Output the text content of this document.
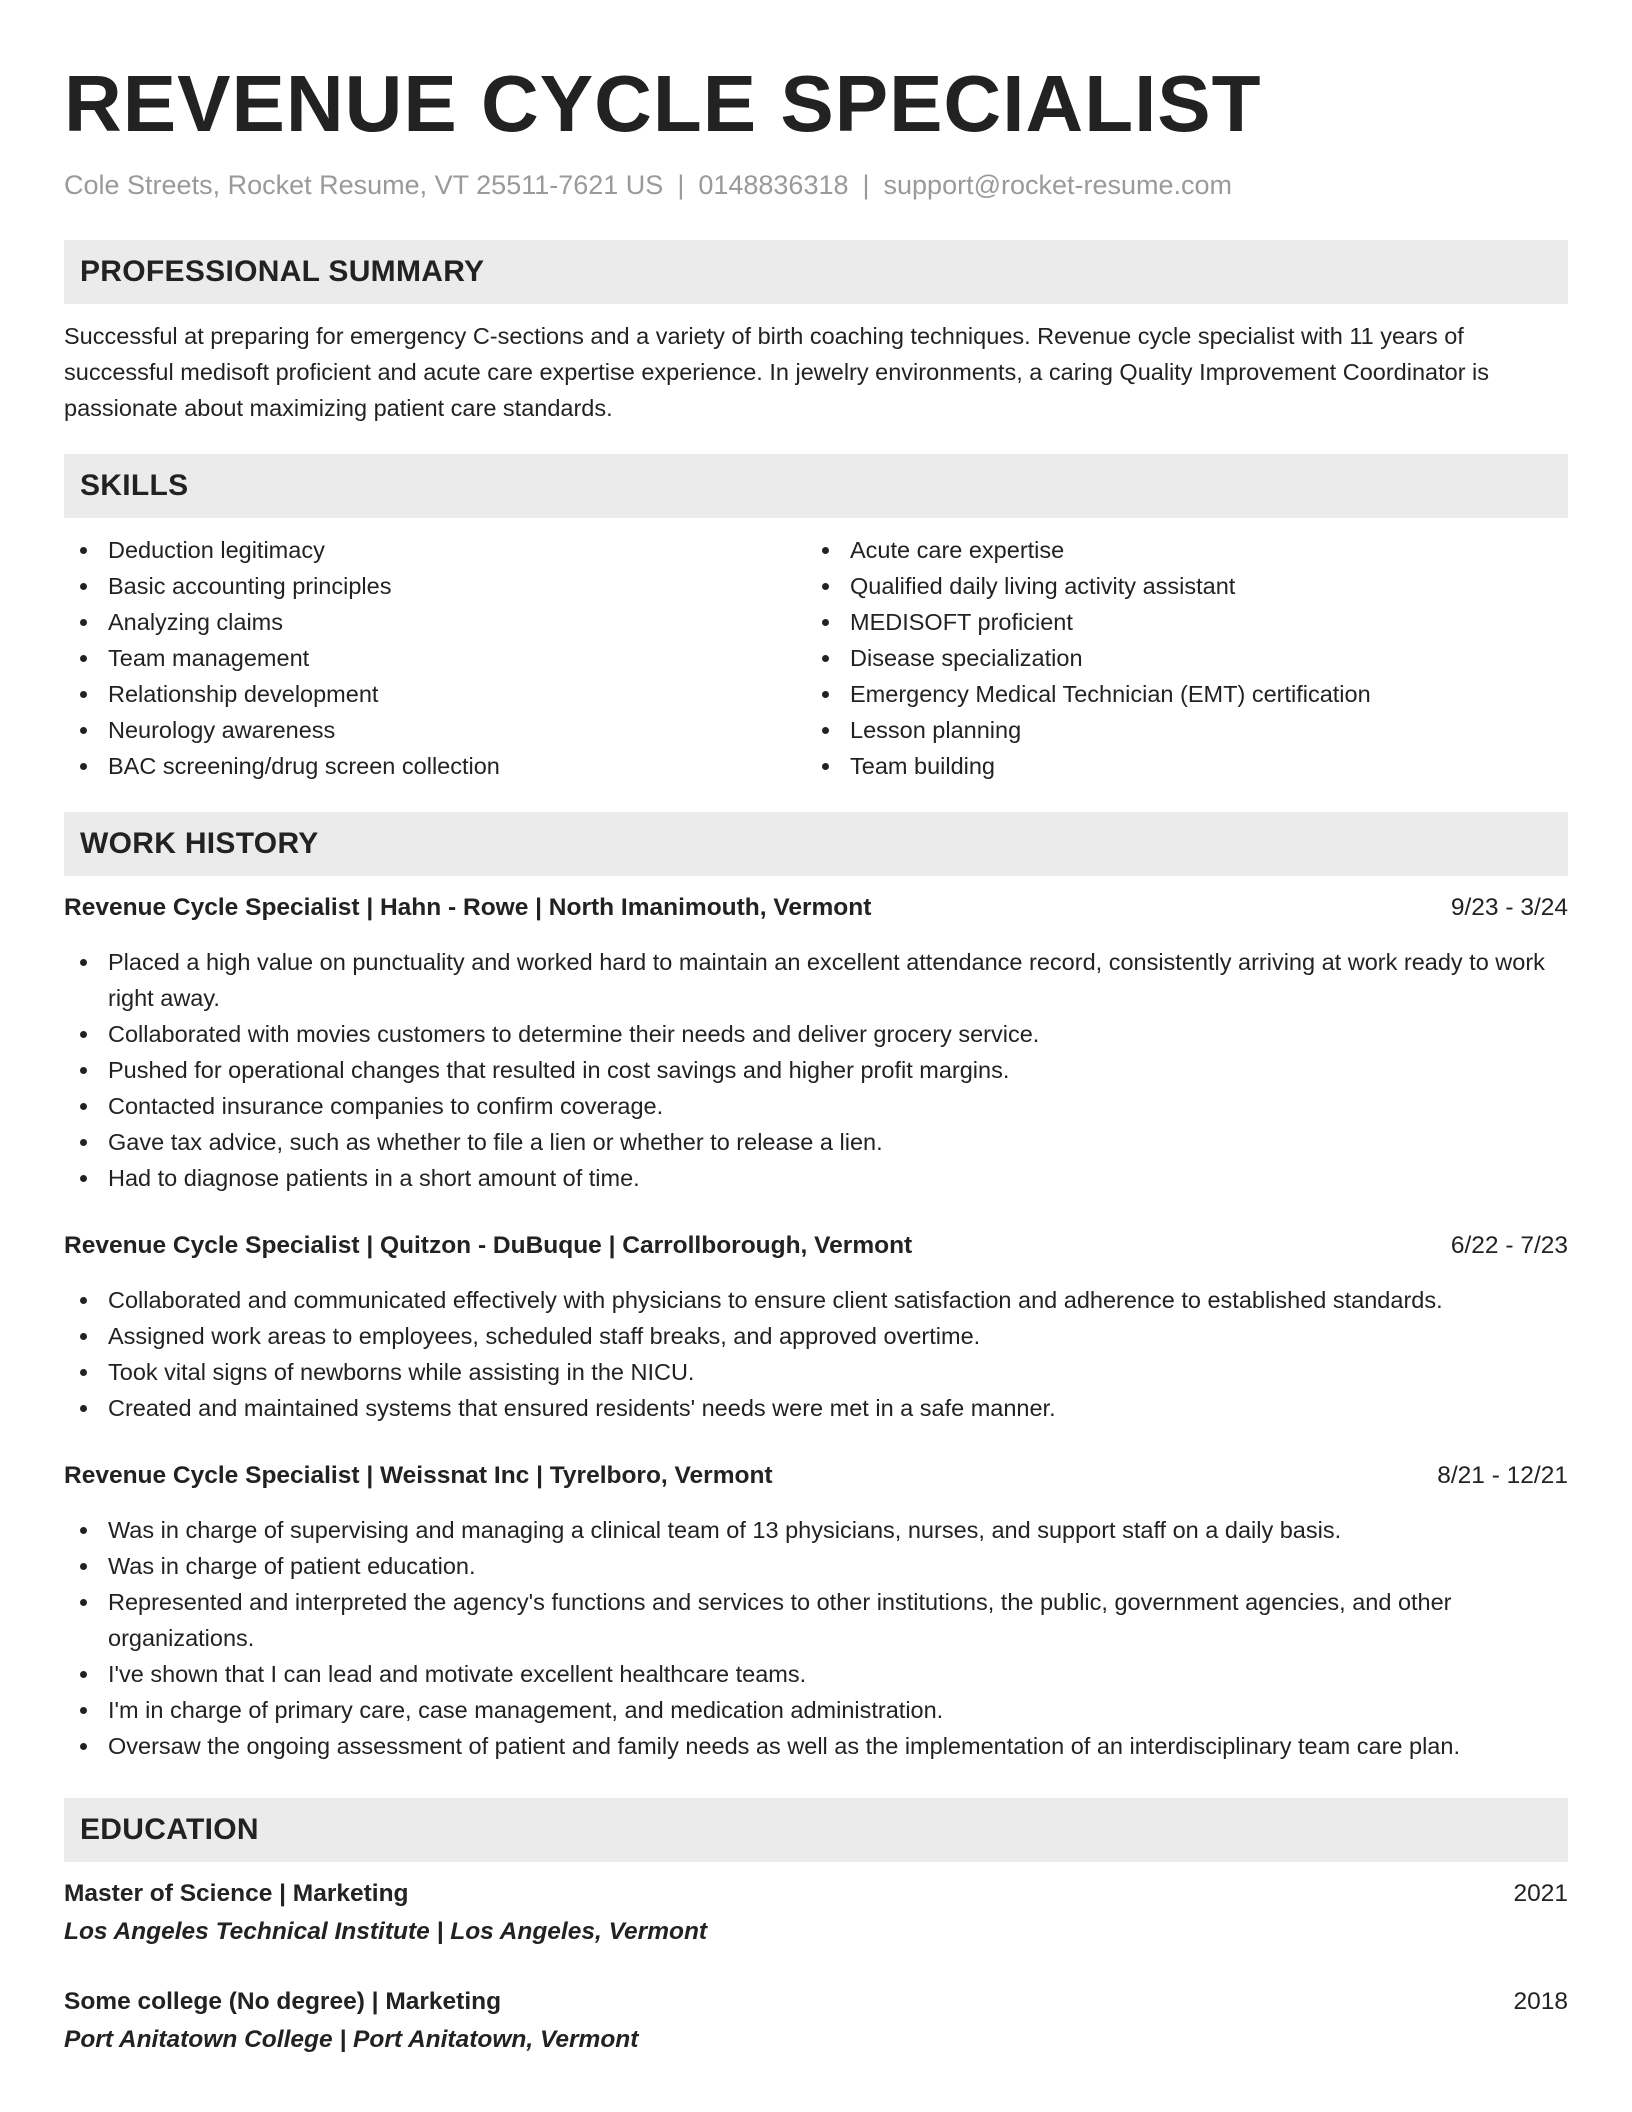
REVENUE CYCLE SPECIALIST
Cole Streets, Rocket Resume, VT 25511-7621 US | 0148836318 | support@rocket-resume.com
PROFESSIONAL SUMMARY

Successful at preparing for emergency C-sections and a variety of birth coaching techniques. Revenue cycle specialist with 11 years of successful medisoft proficient and acute care expertise experience. In jewelry environments, a caring Quality Improvement Coordinator is passionate about maximizing patient care standards.

SKILLS
Deduction legitimacy
Basic accounting principles
Analyzing claims
Team management
Relationship development
Neurology awareness
BAC screening/drug screen collection
Acute care expertise
Qualified daily living activity assistant
MEDISOFT proficient
Disease specialization
Emergency Medical Technician (EMT) certification
Lesson planning
Team building
WORK HISTORY
Revenue Cycle Specialist | Hahn - Rowe | North Imanimouth, Vermont	9/23 - 3/24
Placed a high value on punctuality and worked hard to maintain an excellent attendance record, consistently arriving at work ready to work right away.
Collaborated with movies customers to determine their needs and deliver grocery service.
Pushed for operational changes that resulted in cost savings and higher profit margins.
Contacted insurance companies to confirm coverage.
Gave tax advice, such as whether to file a lien or whether to release a lien.
Had to diagnose patients in a short amount of time.
Revenue Cycle Specialist | Quitzon - DuBuque | Carrollborough, Vermont	6/22 - 7/23
Collaborated and communicated effectively with physicians to ensure client satisfaction and adherence to established standards.
Assigned work areas to employees, scheduled staff breaks, and approved overtime.
Took vital signs of newborns while assisting in the NICU.
Created and maintained systems that ensured residents' needs were met in a safe manner.
Revenue Cycle Specialist | Weissnat Inc | Tyrelboro, Vermont	8/21 - 12/21
Was in charge of supervising and managing a clinical team of 13 physicians, nurses, and support staff on a daily basis.
Was in charge of patient education.
Represented and interpreted the agency's functions and services to other institutions, the public, government agencies, and other organizations.
I've shown that I can lead and motivate excellent healthcare teams.
I'm in charge of primary care, case management, and medication administration.
Oversaw the ongoing assessment of patient and family needs as well as the implementation of an interdisciplinary team care plan.
EDUCATION
Master of Science | Marketing	2021
Los Angeles Technical Institute | Los Angeles, Vermont
Some college (No degree) | Marketing	2018
Port Anitatown College | Port Anitatown, Vermont
